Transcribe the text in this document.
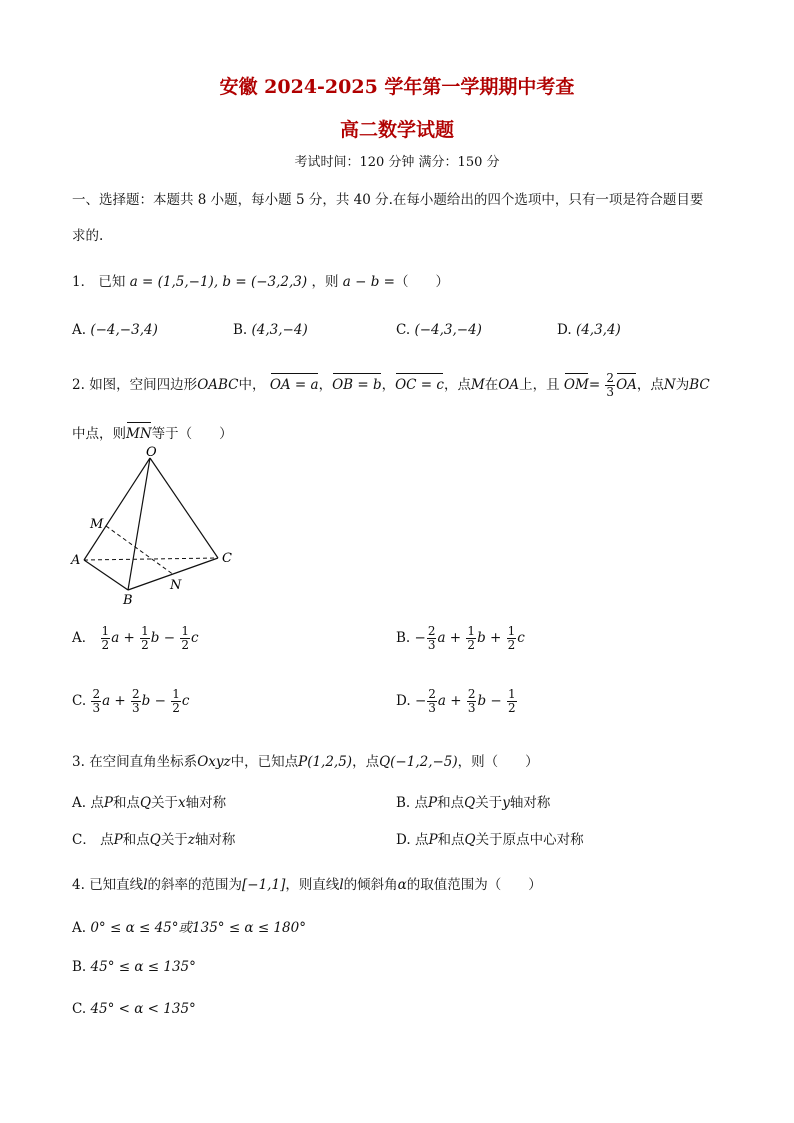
安徽 2024-2025 学年第一学期期中考查
高二数学试题
考试时间：120 分钟 满分：150 分
一、选择题：本题共 8 小题，每小题 5 分，共 40 分.在每小题给出的四个选项中，只有一项是符合题目要
求的.
1． 已知 a = (1,5,−1), b = (−3,2,3) ，则 a − b =（　　）
A. (−4,−3,4)	B. (4,3,−4)	C. (−4,3,−4)	D. (4,3,4)
2. 如图，空间四边形OABC中， OA = a，OB = b，OC = c，点M在OA上，且 $OM= \frac{2}{3}$ OA，点N为BC
中点，则MN等于（　　）
O
M
A	C
N
B
A． $\frac{1}{2}$ $a + \frac{1}{2}$ $b - \frac{1}{2}$ c	B. − $\frac{2}{3}$ $a + \frac{1}{2}$ $b + \frac{1}{2}$ c
C. $\frac{2}{3}$ $a + \frac{2}{3}$ $b - \frac{1}{2}$ c	D. − $\frac{2}{3}$ $a + \frac{2}{3}$ $b - \frac{1}{2}$
3. 在空间直角坐标系Oxyz中，已知点P(1,2,5)，点Q(−1,2,−5)，则（　　）
A. 点P和点Q关于x轴对称	B. 点P和点Q关于y轴对称
C． 点P和点Q关于z轴对称	D. 点P和点Q关于原点中心对称
4. 已知直线l的斜率的范围为[−1,1]，则直线l的倾斜角α的取值范围为（　　）
A. 0° ≤ α ≤ 45°或135° ≤ α ≤ 180°
B. 45° ≤ α ≤ 135°
C. 45° < α < 135°
